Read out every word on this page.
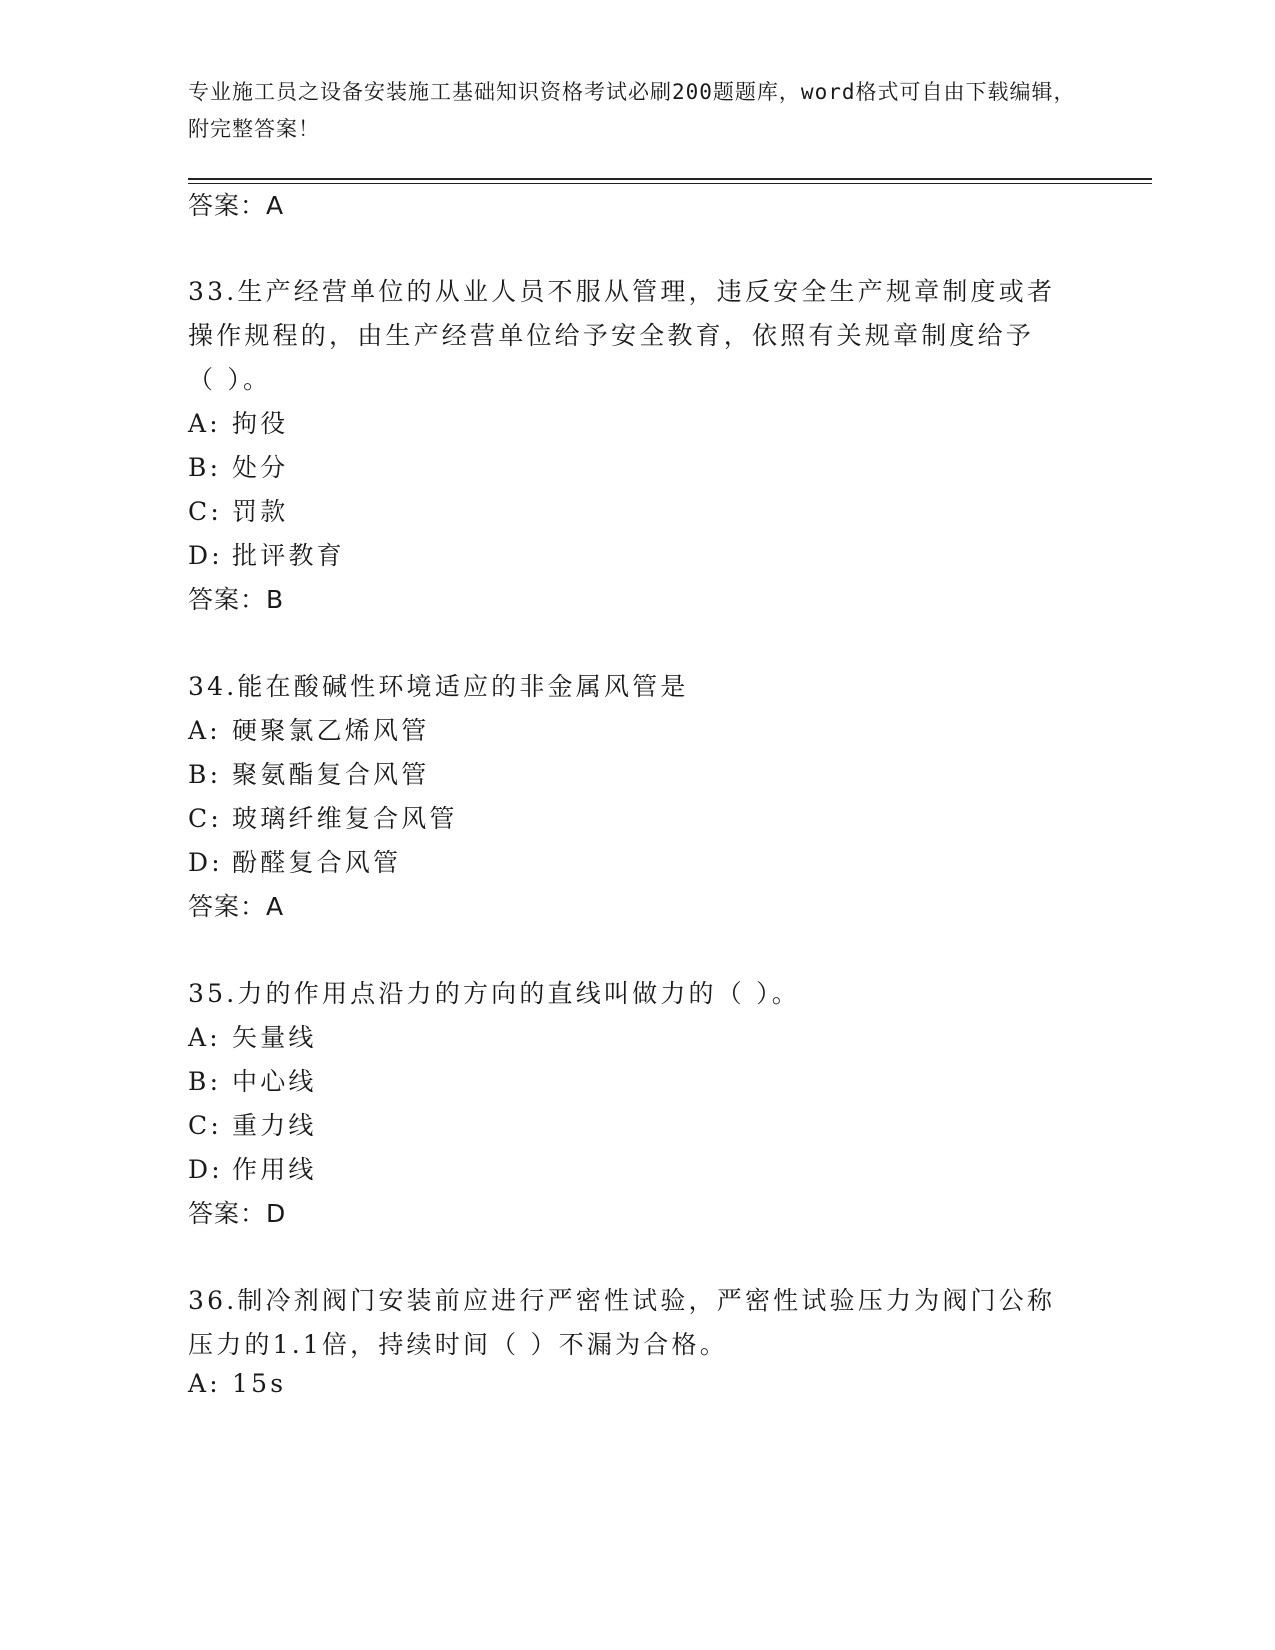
专业施工员之设备安装施工基础知识资格考试必刷200题题库，word格式可自由下载编辑，附完整答案！

答案：A
33.生产经营单位的从业人员不服从管理，违反安全生产规章制度或者
操作规程的，由生产经营单位给予安全教育，依照有关规章制度给予
（ ）。
A: 拘役
B: 处分
C: 罚款
D: 批评教育
答案：B
34.能在酸碱性环境适应的非金属风管是
A: 硬聚氯乙烯风管
B: 聚氨酯复合风管
C: 玻璃纤维复合风管
D: 酚醛复合风管
答案：A
35.力的作用点沿力的方向的直线叫做力的（ ）。
A: 矢量线
B: 中心线
C: 重力线
D: 作用线
答案：D
36.制冷剂阀门安装前应进行严密性试验，严密性试验压力为阀门公称
压力的1.1倍，持续时间（ ）不漏为合格。
A: 15s
